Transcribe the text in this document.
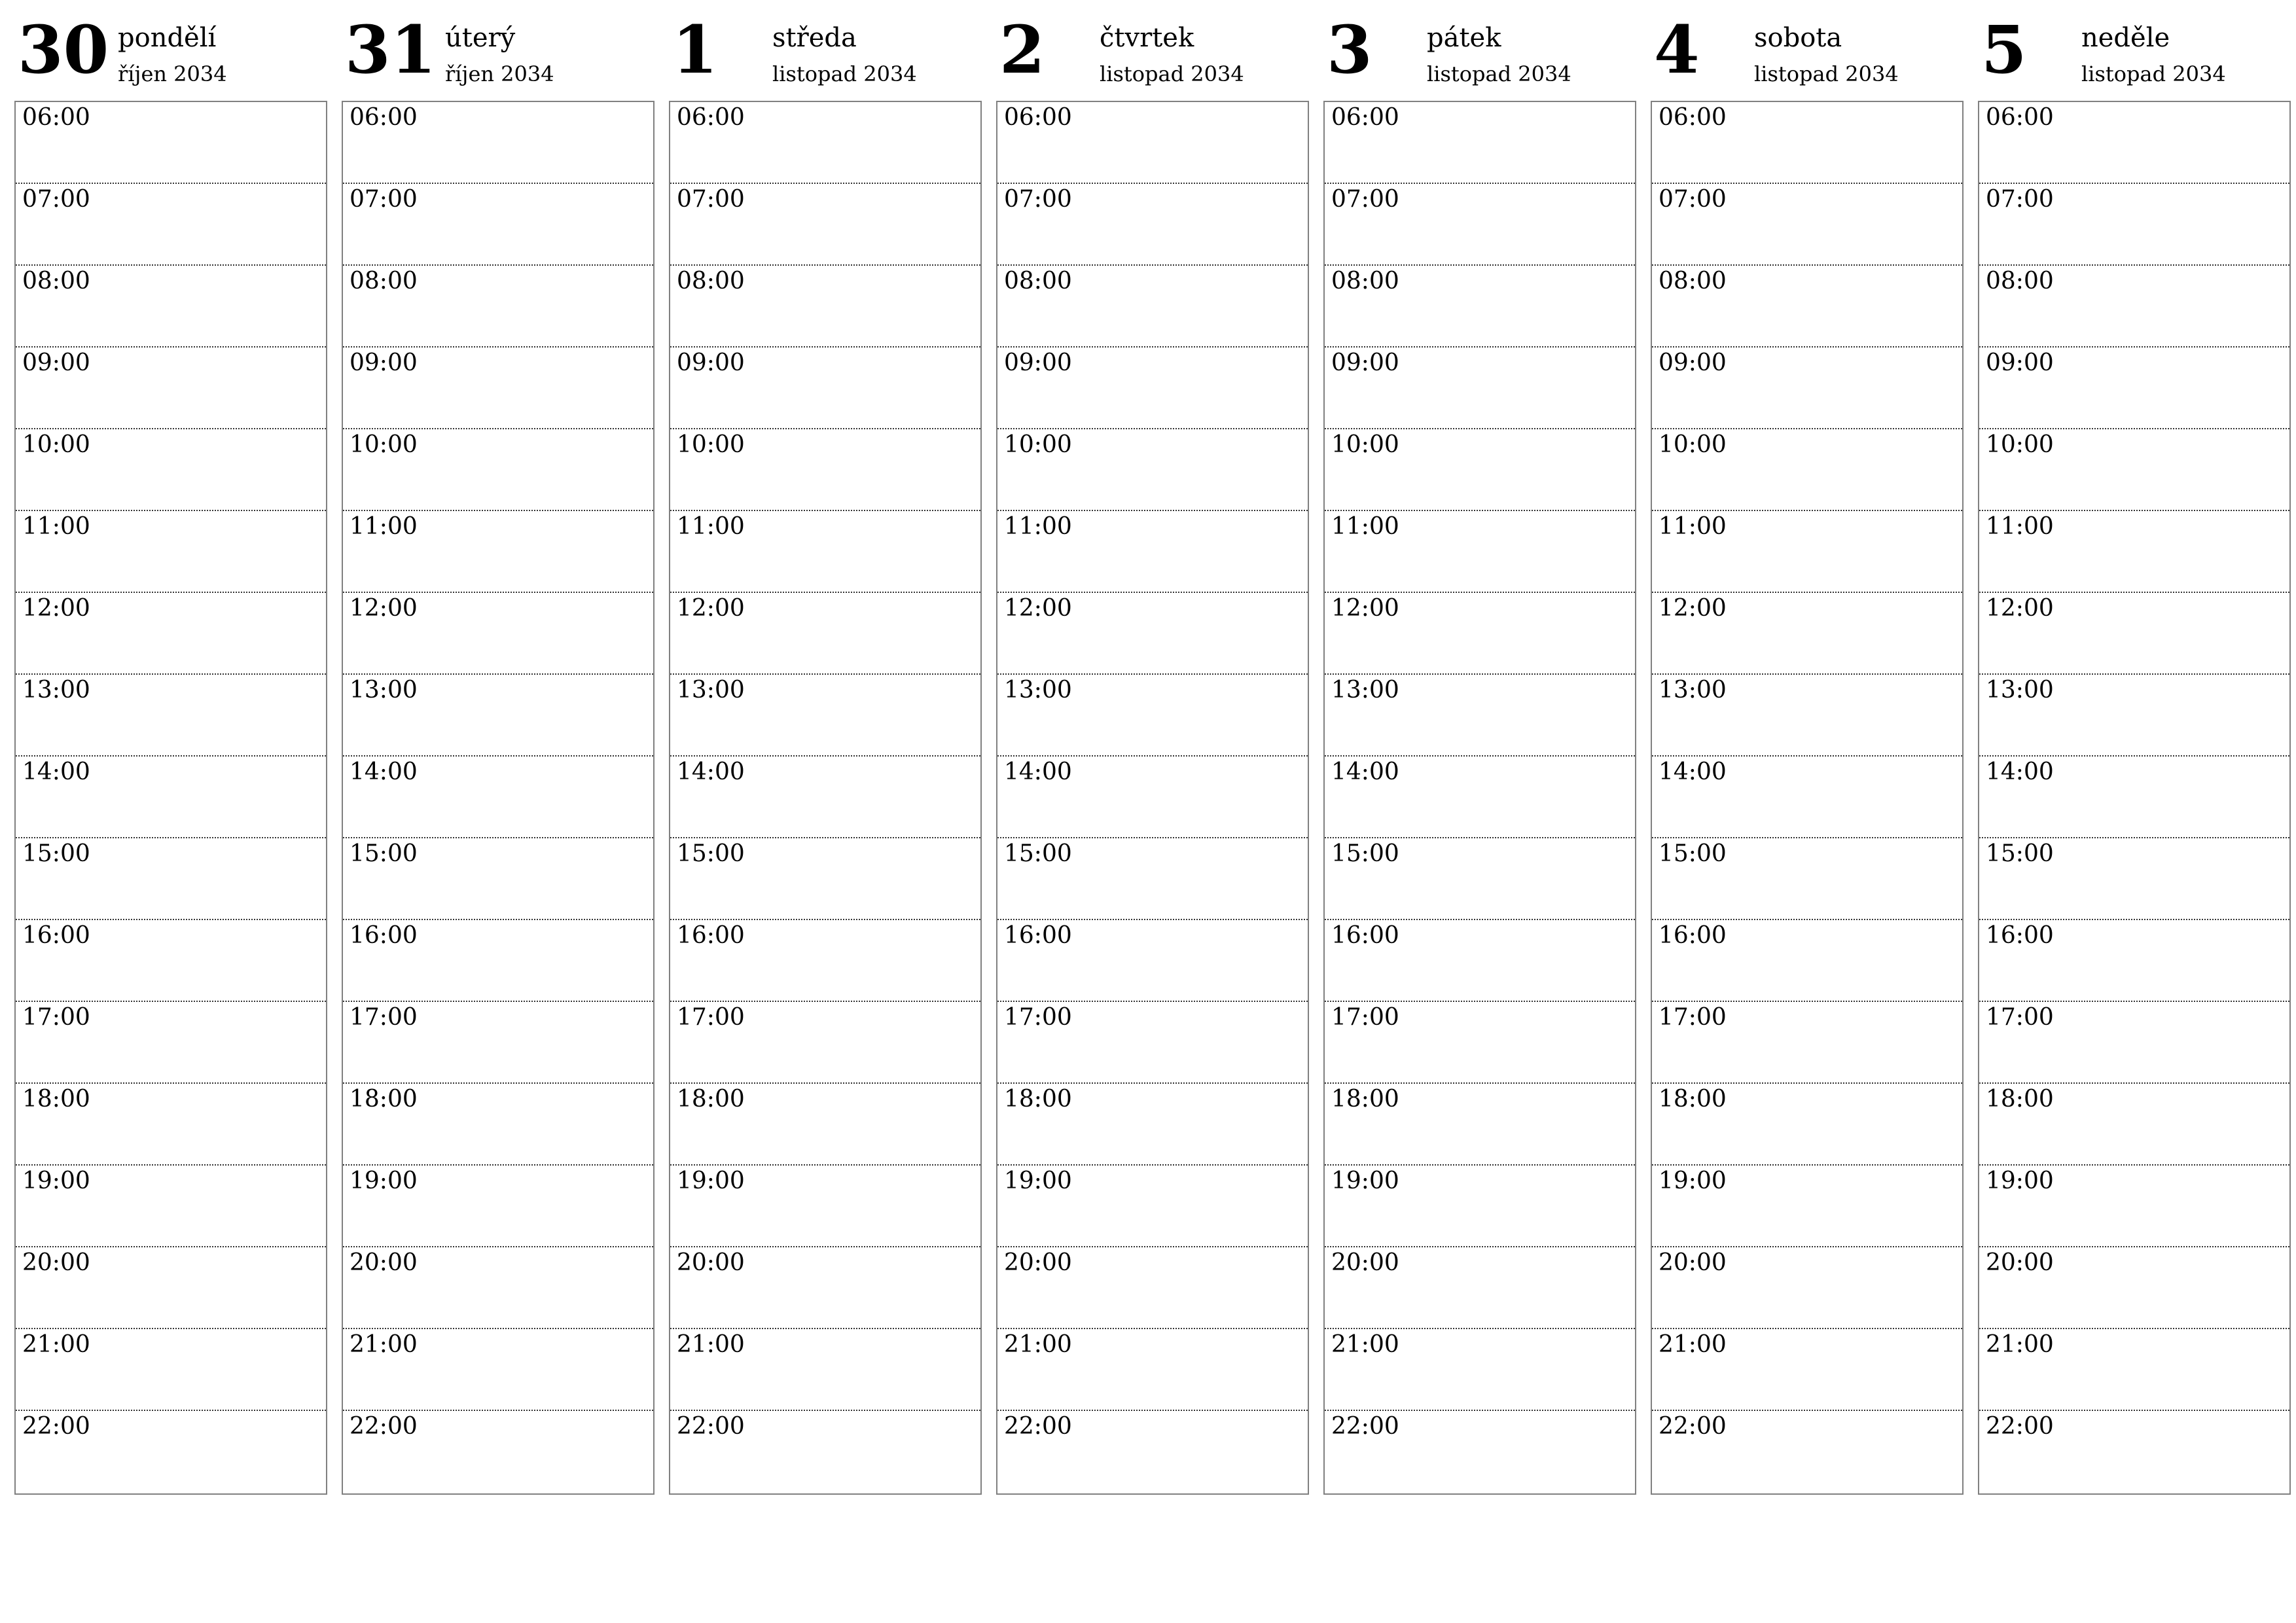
30 pondělí
říjen 2034
06:00
07:00
08:00
09:00
10:00
11:00
12:00
13:00
14:00
15:00
16:00
17:00
18:00
19:00
20:00
21:00
22:00
31 úterý
říjen 2034
06:00
07:00
08:00
09:00
10:00
11:00
12:00
13:00
14:00
15:00
16:00
17:00
18:00
19:00
20:00
21:00
22:00
1 středa
listopad 2034
06:00
07:00
08:00
09:00
10:00
11:00
12:00
13:00
14:00
15:00
16:00
17:00
18:00
19:00
20:00
21:00
22:00
2 čtvrtek
listopad 2034
06:00
07:00
08:00
09:00
10:00
11:00
12:00
13:00
14:00
15:00
16:00
17:00
18:00
19:00
20:00
21:00
22:00
3 pátek
listopad 2034
06:00
07:00
08:00
09:00
10:00
11:00
12:00
13:00
14:00
15:00
16:00
17:00
18:00
19:00
20:00
21:00
22:00
4 sobota
listopad 2034
06:00
07:00
08:00
09:00
10:00
11:00
12:00
13:00
14:00
15:00
16:00
17:00
18:00
19:00
20:00
21:00
22:00
5 neděle
listopad 2034
06:00
07:00
08:00
09:00
10:00
11:00
12:00
13:00
14:00
15:00
16:00
17:00
18:00
19:00
20:00
21:00
22:00
